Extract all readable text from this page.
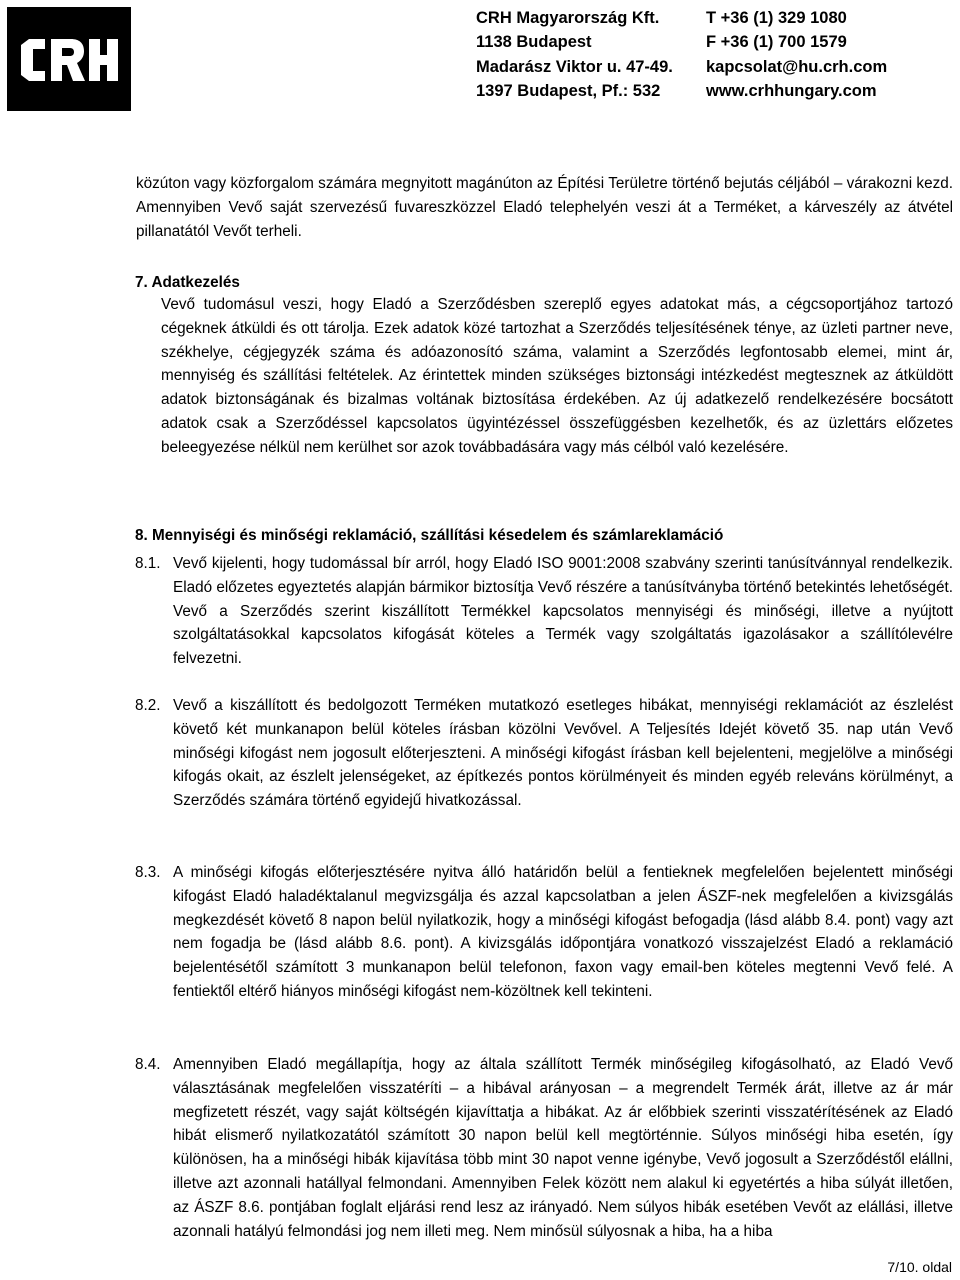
CRH Magyarország Kft.
1138 Budapest
Madarász Viktor u. 47-49.
1397 Budapest, Pf.: 532
T +36 (1) 329 1080
F +36 (1) 700 1579
kapcsolat@hu.crh.com
www.crhhungary.com
közúton vagy közforgalom számára megnyitott magánúton az Építési Területre történő bejutás céljából – várakozni kezd. Amennyiben Vevő saját szervezésű fuvareszközzel Eladó telephelyén veszi át a Terméket, a kárveszély az átvétel pillanatától Vevőt terheli.
7. Adatkezelés
Vevő tudomásul veszi, hogy Eladó a Szerződésben szereplő egyes adatokat más, a cégcsoportjához tartozó cégeknek átküldi és ott tárolja. Ezek adatok közé tartozhat a Szerződés teljesítésének ténye, az üzleti partner neve, székhelye, cégjegyzék száma és adóazonosító száma, valamint a Szerződés legfontosabb elemei, mint ár, mennyiség és szállítási feltételek. Az érintettek minden szükséges biztonsági intézkedést megtesznek az átküldött adatok biztonságának és bizalmas voltának biztosítása érdekében. Az új adatkezelő rendelkezésére bocsátott adatok csak a Szerződéssel kapcsolatos ügyintézéssel összefüggésben kezelhetők, és az üzlettárs előzetes beleegyezése nélkül nem kerülhet sor azok továbbadására vagy más célból való kezelésére.
8. Mennyiségi és minőségi reklamáció, szállítási késedelem és számlareklamáció
8.1. Vevő kijelenti, hogy tudomással bír arról, hogy Eladó ISO 9001:2008 szabvány szerinti tanúsítvánnyal rendelkezik. Eladó előzetes egyeztetés alapján bármikor biztosítja Vevő részére a tanúsítványba történő betekintés lehetőségét. Vevő a Szerződés szerint kiszállított Termékkel kapcsolatos mennyiségi és minőségi, illetve a nyújtott szolgáltatásokkal kapcsolatos kifogását köteles a Termék vagy szolgáltatás igazolásakor a szállítólevélre felvezetni.
8.2. Vevő a kiszállított és bedolgozott Terméken mutatkozó esetleges hibákat, mennyiségi reklamációt az észlelést követő két munkanapon belül köteles írásban közölni Vevővel. A Teljesítés Idejét követő 35. nap után Vevő minőségi kifogást nem jogosult előterjeszteni. A minőségi kifogást írásban kell bejelenteni, megjelölve a minőségi kifogás okait, az észlelt jelenségeket, az építkezés pontos körülményeit és minden egyéb releváns körülményt, a Szerződés számára történő egyidejű hivatkozással.
8.3. A minőségi kifogás előterjesztésére nyitva álló határidőn belül a fentieknek megfelelően bejelentett minőségi kifogást Eladó haladéktalanul megvizsgálja és azzal kapcsolatban a jelen ÁSZF-nek megfelelően a kivizsgálás megkezdését követő 8 napon belül nyilatkozik, hogy a minőségi kifogást befogadja (lásd alább 8.4. pont) vagy azt nem fogadja be (lásd alább 8.6. pont). A kivizsgálás időpontjára vonatkozó visszajelzést Eladó a reklamáció bejelentésétől számított 3 munkanapon belül telefonon, faxon vagy email-ben köteles megtenni Vevő felé. A fentiektől eltérő hiányos minőségi kifogást nem-közöltnek kell tekinteni.
8.4. Amennyiben Eladó megállapítja, hogy az általa szállított Termék minőségileg kifogásolható, az Eladó Vevő választásának megfelelően visszatéríti – a hibával arányosan – a megrendelt Termék árát, illetve az ár már megfizetett részét, vagy saját költségén kijavíttatja a hibákat. Az ár előbbiek szerinti visszatérítésének az Eladó hibát elismerő nyilatkozatától számított 30 napon belül kell megtörténnie. Súlyos minőségi hiba esetén, így különösen, ha a minőségi hibák kijavítása több mint 30 napot venne igénybe, Vevő jogosult a Szerződéstől elállni, illetve azt azonnali hatállyal felmondani. Amennyiben Felek között nem alakul ki egyetértés a hiba súlyát illetően, az ÁSZF 8.6. pontjában foglalt eljárási rend lesz az irányadó. Nem súlyos hibák esetében Vevőt az elállási, illetve azonnali hatályú felmondási jog nem illeti meg. Nem minősül súlyosnak a hiba, ha a hiba
7/10. oldal
